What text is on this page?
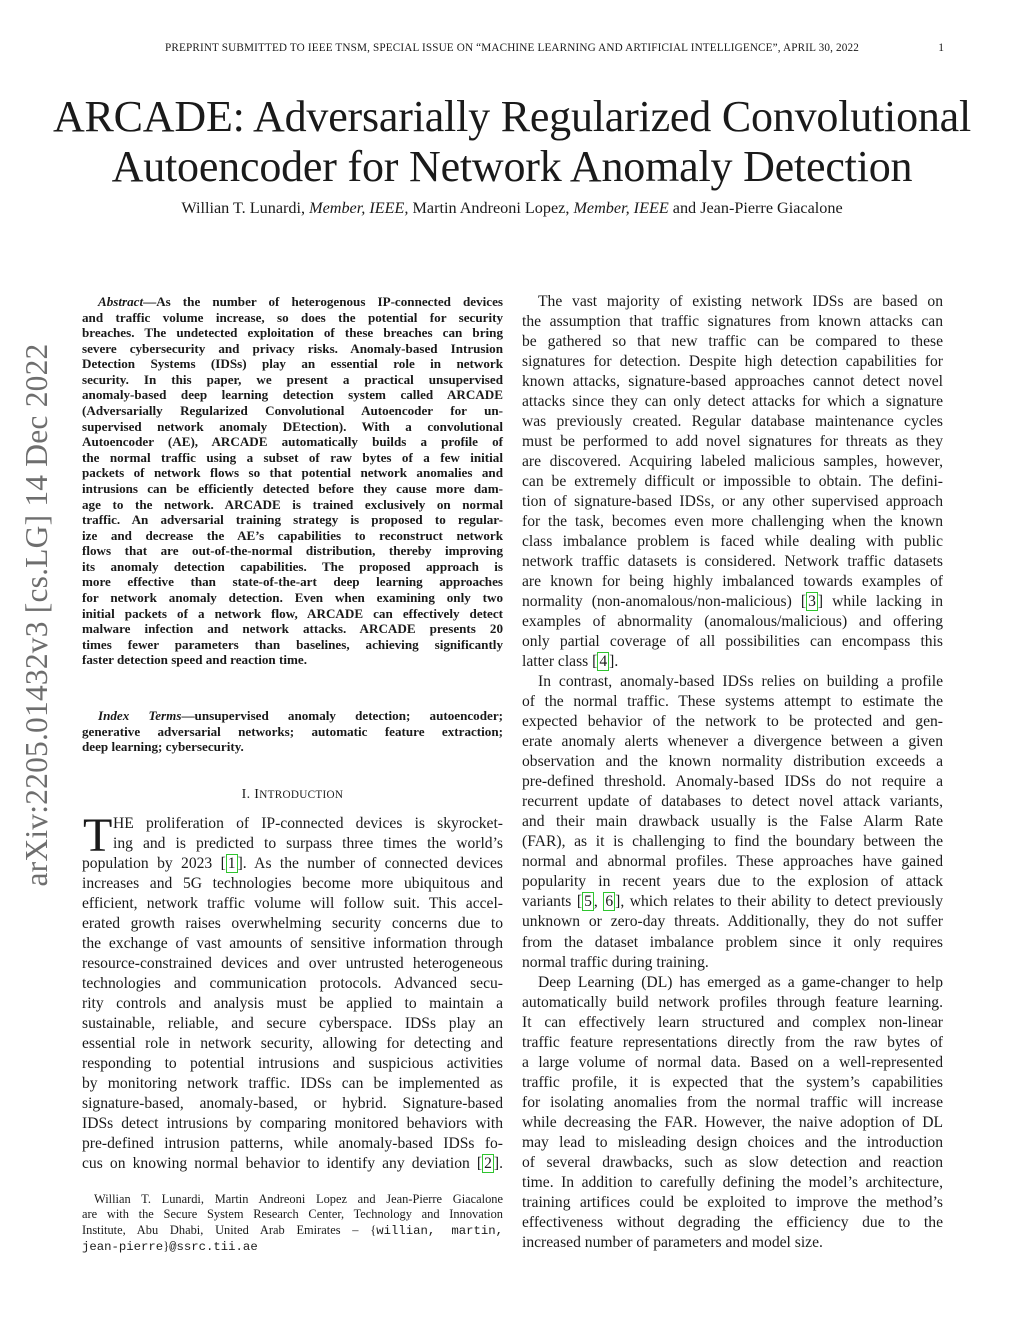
PREPRINT SUBMITTED TO IEEE TNSM, SPECIAL ISSUE ON “MACHINE LEARNING AND ARTIFICIAL INTELLIGENCE”, APRIL 30, 2022	1
ARCADE: Adversarially Regularized Convolutional
Autoencoder for Network Anomaly Detection
Willian T. Lunardi, Member, IEEE, Martin Andreoni Lopez, Member, IEEE and Jean-Pierre Giacalone
arXiv:2205.01432v3 [cs.LG] 14 Dec 2022
Abstract—As the number of heterogenous IP-connected devices
and traffic volume increase, so does the potential for security
breaches. The undetected exploitation of these breaches can bring
severe cybersecurity and privacy risks. Anomaly-based Intrusion
Detection Systems (IDSs) play an essential role in network
security. In this paper, we present a practical unsupervised
anomaly-based deep learning detection system called ARCADE
(Adversarially Regularized Convolutional Autoencoder for un-
supervised network anomaly DEtection). With a convolutional
Autoencoder (AE), ARCADE automatically builds a profile of
the normal traffic using a subset of raw bytes of a few initial
packets of network flows so that potential network anomalies and
intrusions can be efficiently detected before they cause more dam-
age to the network. ARCADE is trained exclusively on normal
traffic. An adversarial training strategy is proposed to regular-
ize and decrease the AE’s capabilities to reconstruct network
flows that are out-of-the-normal distribution, thereby improving
its anomaly detection capabilities. The proposed approach is
more effective than state-of-the-art deep learning approaches
for network anomaly detection. Even when examining only two
initial packets of a network flow, ARCADE can effectively detect
malware infection and network attacks. ARCADE presents 20
times fewer parameters than baselines, achieving significantly
faster detection speed and reaction time.
Index Terms—unsupervised anomaly detection; autoencoder;
generative adversarial networks; automatic feature extraction;
deep learning; cybersecurity.
I. INTRODUCTION
T HE proliferation of IP-connected devices is skyrocket-
ing and is predicted to surpass three times the world’s
population by 2023 [ 1 ]. As the number of connected devices
increases and 5G technologies become more ubiquitous and
efficient, network traffic volume will follow suit. This accel-
erated growth raises overwhelming security concerns due to
the exchange of vast amounts of sensitive information through
resource-constrained devices and over untrusted heterogeneous
technologies and communication protocols. Advanced secu-
rity controls and analysis must be applied to maintain a
sustainable, reliable, and secure cyberspace. IDSs play an
essential role in network security, allowing for detecting and
responding to potential intrusions and suspicious activities
by monitoring network traffic. IDSs can be implemented as
signature-based, anomaly-based, or hybrid. Signature-based
IDSs detect intrusions by comparing monitored behaviors with
pre-defined intrusion patterns, while anomaly-based IDSs fo-
cus on knowing normal behavior to identify any deviation [ 2 ].
Willian T. Lunardi, Martin Andreoni Lopez and Jean-Pierre Giacalone
are with the Secure System Research Center, Technology and Innovation
Institute, Abu Dhabi, United Arab Emirates – {willian, martin,
jean-pierre}@ssrc.tii.ae
The vast majority of existing network IDSs are based on
the assumption that traffic signatures from known attacks can
be gathered so that new traffic can be compared to these
signatures for detection. Despite high detection capabilities for
known attacks, signature-based approaches cannot detect novel
attacks since they can only detect attacks for which a signature
was previously created. Regular database maintenance cycles
must be performed to add novel signatures for threats as they
are discovered. Acquiring labeled malicious samples, however,
can be extremely difficult or impossible to obtain. The defini-
tion of signature-based IDSs, or any other supervised approach
for the task, becomes even more challenging when the known
class imbalance problem is faced while dealing with public
network traffic datasets is considered. Network traffic datasets
are known for being highly imbalanced towards examples of
normality (non-anomalous/non-malicious) [ 3 ] while lacking in
examples of abnormality (anomalous/malicious) and offering
only partial coverage of all possibilities can encompass this
latter class [ 4 ].
In contrast, anomaly-based IDSs relies on building a profile
of the normal traffic. These systems attempt to estimate the
expected behavior of the network to be protected and gen-
erate anomaly alerts whenever a divergence between a given
observation and the known normality distribution exceeds a
pre-defined threshold. Anomaly-based IDSs do not require a
recurrent update of databases to detect novel attack variants,
and their main drawback usually is the False Alarm Rate
(FAR), as it is challenging to find the boundary between the
normal and abnormal profiles. These approaches have gained
popularity in recent years due to the explosion of attack
variants [ 5 , 6 ], which relates to their ability to detect previously
unknown or zero-day threats. Additionally, they do not suffer
from the dataset imbalance problem since it only requires
normal traffic during training.
Deep Learning (DL) has emerged as a game-changer to help
automatically build network profiles through feature learning.
It can effectively learn structured and complex non-linear
traffic feature representations directly from the raw bytes of
a large volume of normal data. Based on a well-represented
traffic profile, it is expected that the system’s capabilities
for isolating anomalies from the normal traffic will increase
while decreasing the FAR. However, the naive adoption of DL
may lead to misleading design choices and the introduction
of several drawbacks, such as slow detection and reaction
time. In addition to carefully defining the model’s architecture,
training artifices could be exploited to improve the method’s
effectiveness without degrading the efficiency due to the
increased number of parameters and model size.
